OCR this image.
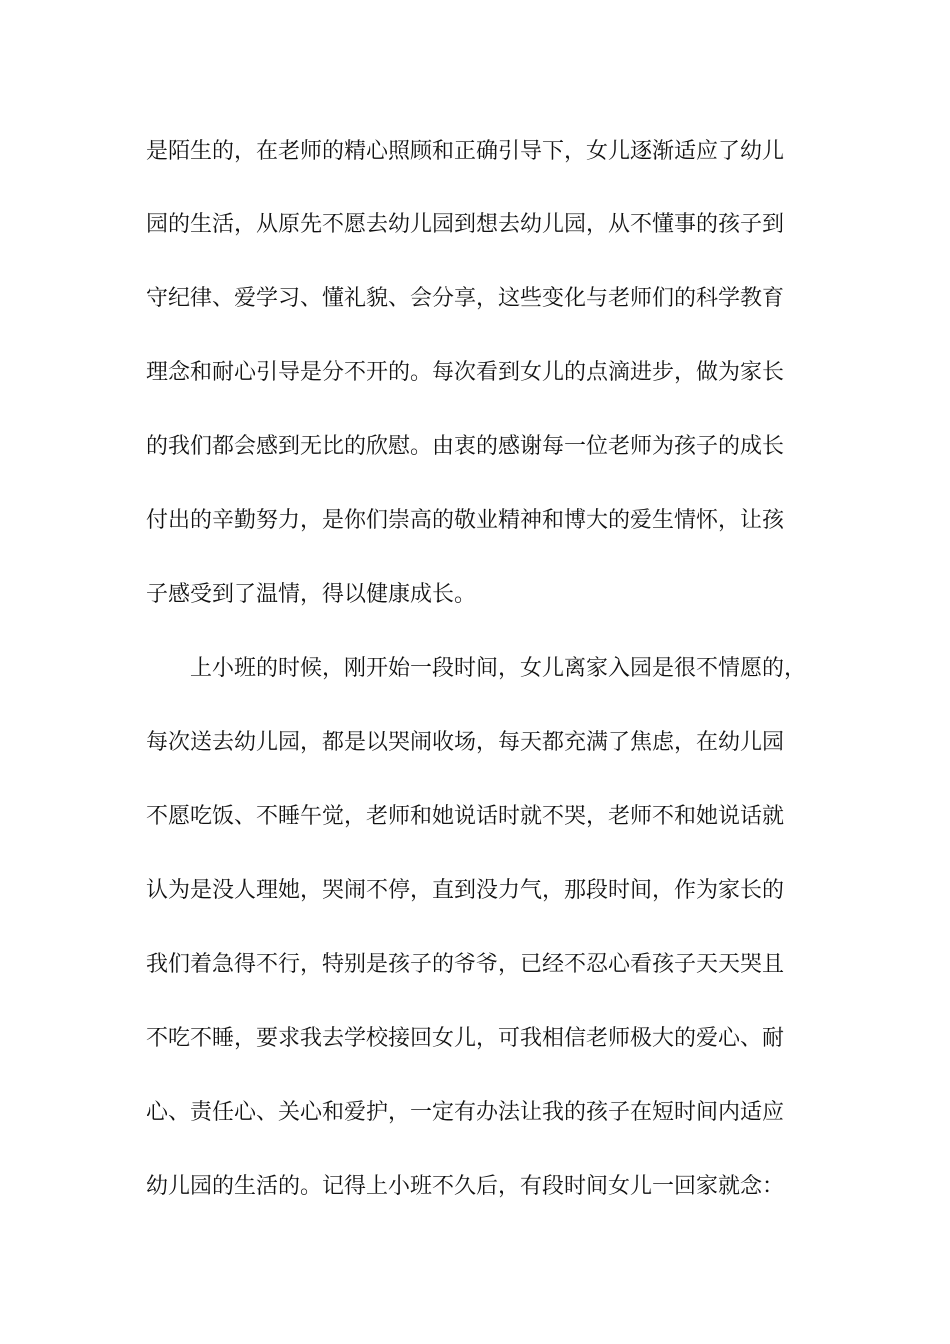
是陌生的，在老师的精心照顾和正确引导下，女儿逐渐适应了幼儿
园的生活，从原先不愿去幼儿园到想去幼儿园，从不懂事的孩子到
守纪律、爱学习、懂礼貌、会分享，这些变化与老师们的科学教育
理念和耐心引导是分不开的。每次看到女儿的点滴进步，做为家长
的我们都会感到无比的欣慰。由衷的感谢每一位老师为孩子的成长
付出的辛勤努力，是你们崇高的敬业精神和博大的爱生情怀，让孩
子感受到了温情，得以健康成长。
上小班的时候，刚开始一段时间，女儿离家入园是很不情愿的，
每次送去幼儿园，都是以哭闹收场，每天都充满了焦虑，在幼儿园
不愿吃饭、不睡午觉，老师和她说话时就不哭，老师不和她说话就
认为是没人理她，哭闹不停，直到没力气，那段时间，作为家长的
我们着急得不行，特别是孩子的爷爷，已经不忍心看孩子天天哭且
不吃不睡，要求我去学校接回女儿，可我相信老师极大的爱心、耐
心、责任心、关心和爱护，一定有办法让我的孩子在短时间内适应
幼儿园的生活的。记得上小班不久后，有段时间女儿一回家就念：
